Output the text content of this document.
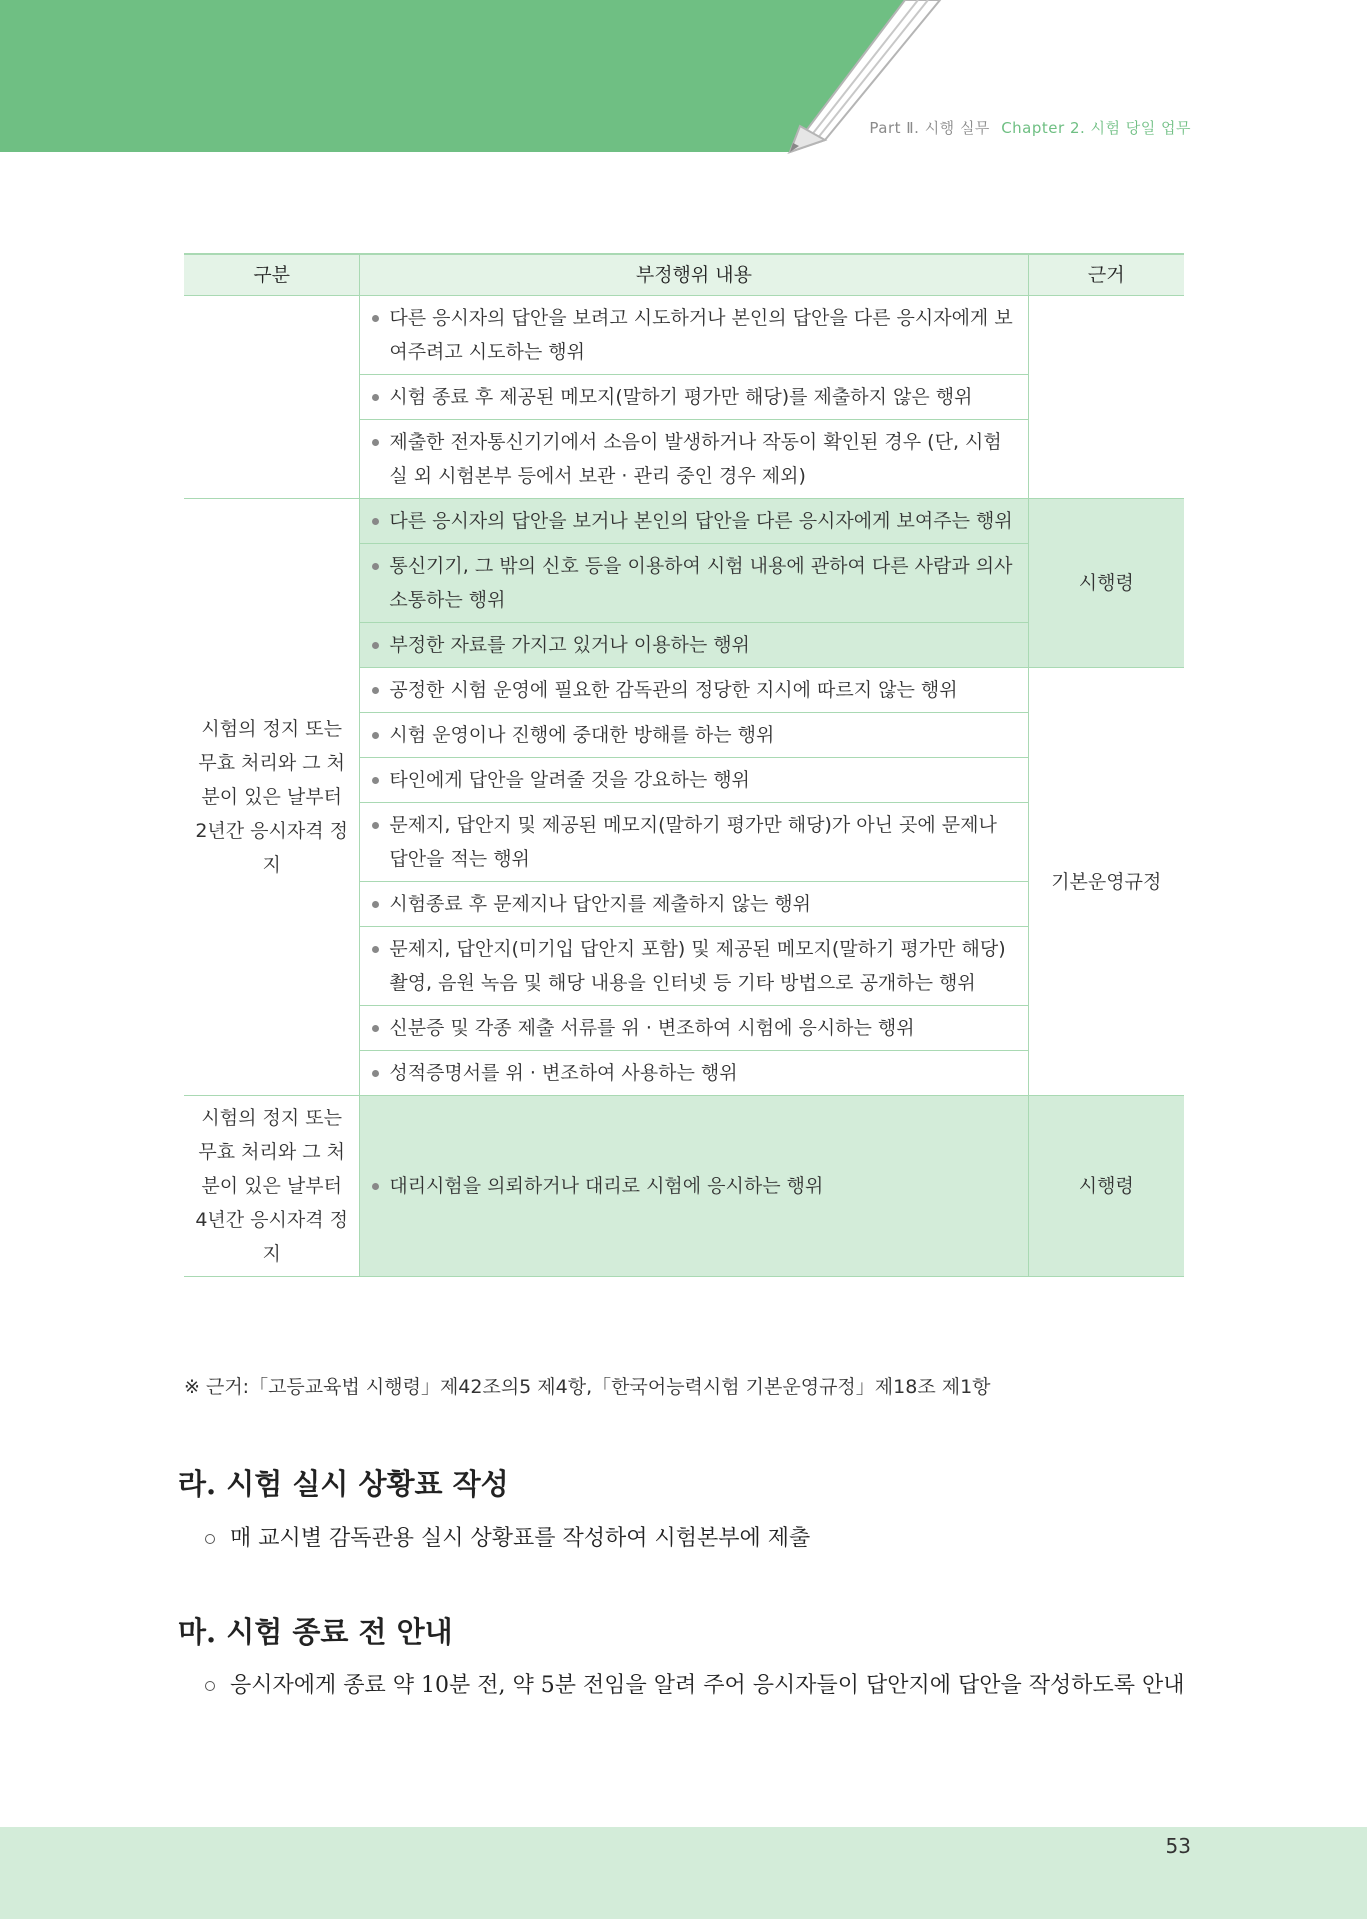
Part Ⅱ. 시행 실무 Chapter 2. 시험 당일 업무
구분	부정행위 내용	근거

	다른 응시자의 답안을 보려고 시도하거나 본인의 답안을 다른 응시자에게 보여주려고 시도하는 행위	

	시험 종료 후 제공된 메모지(말하기 평가만 해당)를 제출하지 않은 행위	

	제출한 전자통신기기에서 소음이 발생하거나 작동이 확인된 경우 (단, 시험실 외 시험본부 등에서 보관 · 관리 중인 경우 제외)	

시험의 정지 또는 무효 처리와 그 처분이 있은 날부터 2년간 응시자격 정지	다른 응시자의 답안을 보거나 본인의 답안을 다른 응시자에게 보여주는 행위	시행령

	통신기기, 그 밖의 신호 등을 이용하여 시험 내용에 관하여 다른 사람과 의사소통하는 행위	

	부정한 자료를 가지고 있거나 이용하는 행위	

	공정한 시험 운영에 필요한 감독관의 정당한 지시에 따르지 않는 행위	기본운영규정

	시험 운영이나 진행에 중대한 방해를 하는 행위	

	타인에게 답안을 알려줄 것을 강요하는 행위	

	문제지, 답안지 및 제공된 메모지(말하기 평가만 해당)가 아닌 곳에 문제나 답안을 적는 행위	

	시험종료 후 문제지나 답안지를 제출하지 않는 행위	

	문제지, 답안지(미기입 답안지 포함) 및 제공된 메모지(말하기 평가만 해당) 촬영, 음원 녹음 및 해당 내용을 인터넷 등 기타 방법으로 공개하는 행위	

	신분증 및 각종 제출 서류를 위 · 변조하여 시험에 응시하는 행위	

	성적증명서를 위 · 변조하여 사용하는 행위	

시험의 정지 또는 무효 처리와 그 처분이 있은 날부터 4년간 응시자격 정지	대리시험을 의뢰하거나 대리로 시험에 응시하는 행위	시행령
※ 근거:「고등교육법 시행령」제42조의5 제4항,「한국어능력시험 기본운영규정」제18조 제1항
라. 시험 실시 상황표 작성
매 교시별 감독관용 실시 상황표를 작성하여 시험본부에 제출
마. 시험 종료 전 안내
응시자에게 종료 약 10분 전, 약 5분 전임을 알려 주어 응시자들이 답안지에 답안을 작성하도록 안내
53
